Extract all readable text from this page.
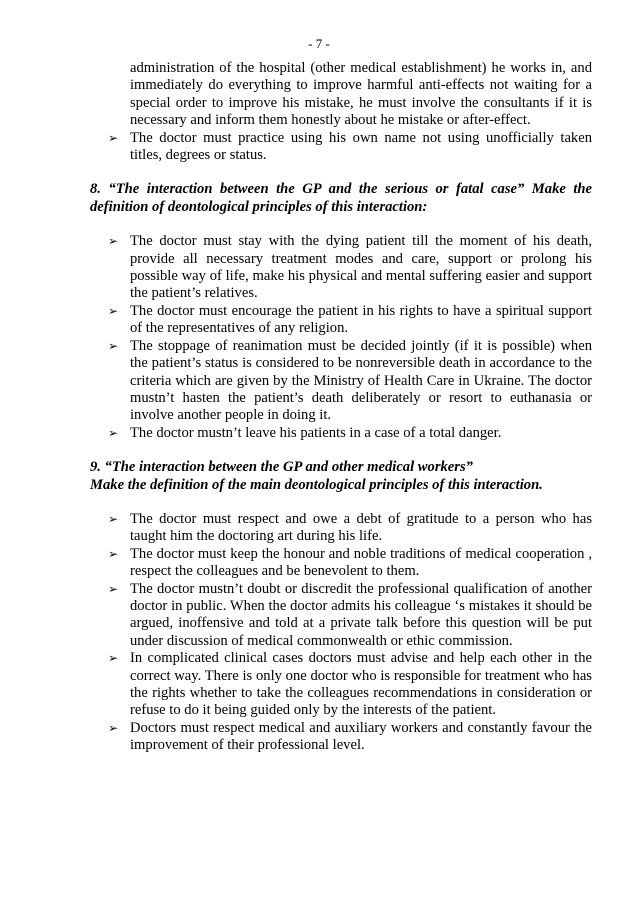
- 7 -

administration of the hospital (other medical establishment) he works in, and immediately do everything to improve harmful anti-effects not waiting for a special order to improve his mistake, he must involve the consultants if it is necessary and inform them honestly about he mistake or after-effect.

➢ The doctor must practice using his own name not using unofficially taken titles, degrees or status.

8. “The interaction between the GP and the serious or fatal case” Make the definition of deontological principles of this interaction:

➢ The doctor must stay with the dying patient till the moment of his death, provide all necessary treatment modes and care, support or prolong his possible way of life, make his physical and mental suffering easier and support the patient’s relatives.
➢ The doctor must encourage the patient in his rights to have a spiritual support of the representatives of any religion.
➢ The stoppage of reanimation must be decided jointly (if it is possible) when the patient’s status is considered to be nonreversible death in accordance to the criteria which are given by the Ministry of Health Care in Ukraine. The doctor mustn’t hasten the patient’s death deliberately or resort to euthanasia or involve another people in doing it.
➢ The doctor mustn’t leave his patients in a case of a total danger.

9. “The interaction between the GP and other medical workers”

Make the definition of the main deontological principles of this interaction.

➢ The doctor must respect and owe a debt of gratitude to a person who has taught him the doctoring art during his life.
➢ The doctor must keep the honour and noble traditions of medical cooperation , respect the colleagues and be benevolent to them.
➢ The doctor mustn’t doubt or discredit the professional qualification of another doctor in public. When the doctor admits his colleague ‘s mistakes it should be argued, inoffensive and told at a private talk before this question will be put under discussion of medical commonwealth or ethic commission.
➢ In complicated clinical cases doctors must advise and help each other in the correct way. There is only one doctor who is responsible for treatment who has the rights whether to take the colleagues recommendations in consideration or refuse to do it being guided only by the interests of the patient.
➢ Doctors must respect medical and auxiliary workers and constantly favour the improvement of their professional level.
